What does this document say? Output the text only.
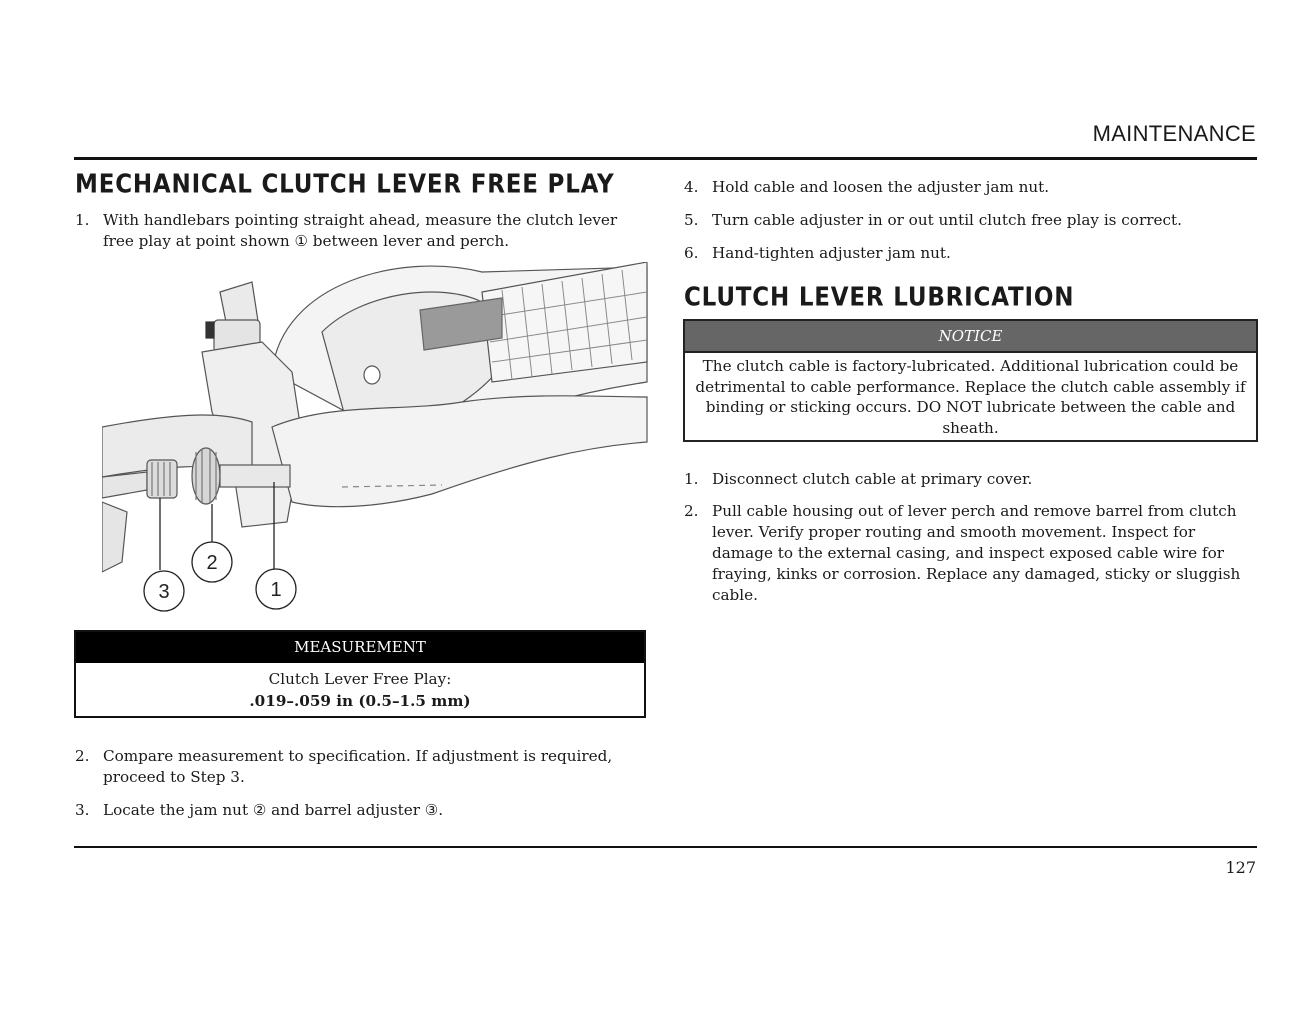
MAINTENANCE
MECHANICAL CLUTCH LEVER FREE PLAY
1. With handlebars pointing straight ahead, measure the clutch lever free play at point shown ① between lever and perch.
3
2
1
MEASUREMENT
Clutch Lever Free Play:
.019–.059 in (0.5–1.5 mm)
2. Compare measurement to specification. If adjustment is required, proceed to Step 3.
3. Locate the jam nut ② and barrel adjuster ③.
4. Hold cable and loosen the adjuster jam nut.
5. Turn cable adjuster in or out until clutch free play is correct.
6. Hand-tighten adjuster jam nut.
CLUTCH LEVER LUBRICATION
NOTICE
The clutch cable is factory-lubricated. Additional lubrication could be detrimental to cable performance. Replace the clutch cable assembly if binding or sticking occurs. DO NOT lubricate between the cable and sheath.
1. Disconnect clutch cable at primary cover.
2. Pull cable housing out of lever perch and remove barrel from clutch lever. Verify proper routing and smooth movement. Inspect for damage to the external casing, and inspect exposed cable wire for fraying, kinks or corrosion. Replace any damaged, sticky or sluggish cable.
127
